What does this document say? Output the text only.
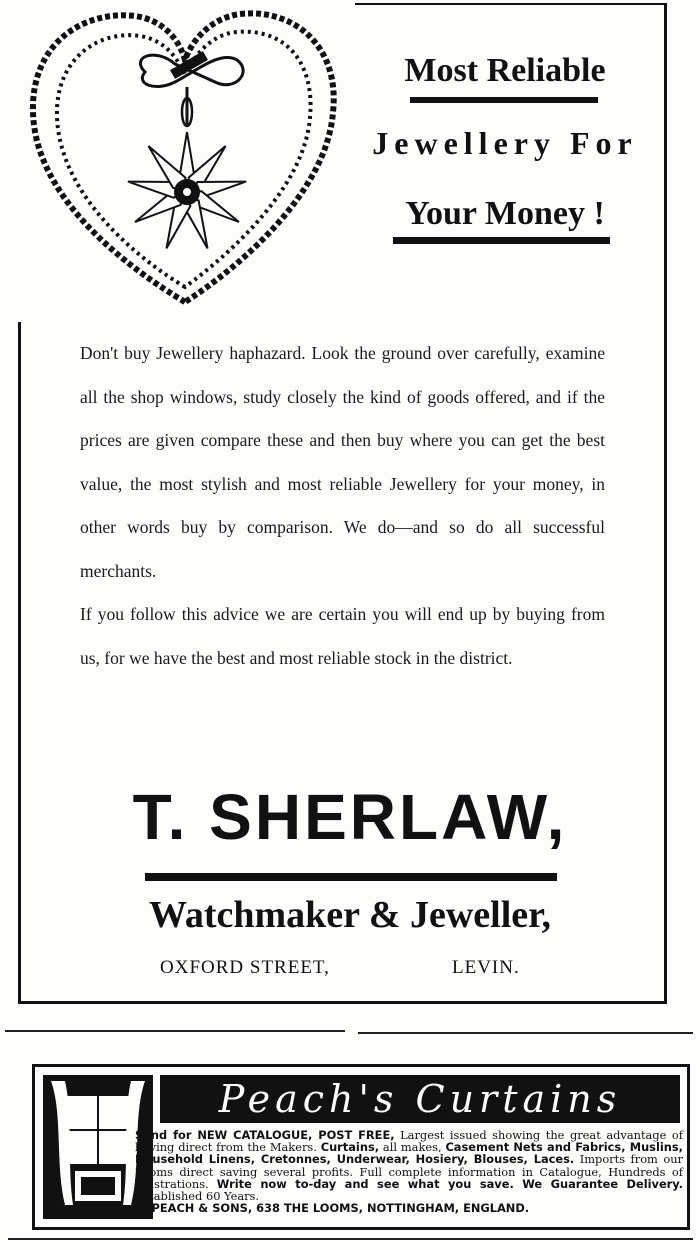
Most Reliable
Jewellery For
Your Money !

Don't buy Jewellery haphazard. Look the ground over carefully, examine all the shop windows, study closely the kind of goods offered, and if the prices are given compare these and then buy where you can get the best value, the most stylish and most reliable Jewellery for your money, in other words buy by comparison. We do—and so do all successful merchants.

If you follow this advice we are certain you will end up by buying from us, for we have the best and most reliable stock in the district.

T. SHERLAW,
Watchmaker & Jeweller,
OXFORD STREET,	LEVIN.
Peach's Curtains
Send for NEW CATALOGUE, POST FREE, Largest issued showing the great advantage of buying direct from the Makers. Curtains, all makes, Casement Nets and Fabrics, Muslins, Household Linens, Cretonnes, Underwear, Hosiery, Blouses, Laces. Imports from our Looms direct saving several profits. Full complete information in Catalogue, Hundreds of Illustrations. Write now to-day and see what you save. We Guarantee Delivery. Established 60 Years.
S. PEACH & SONS, 638 THE LOOMS, NOTTINGHAM, ENGLAND.
